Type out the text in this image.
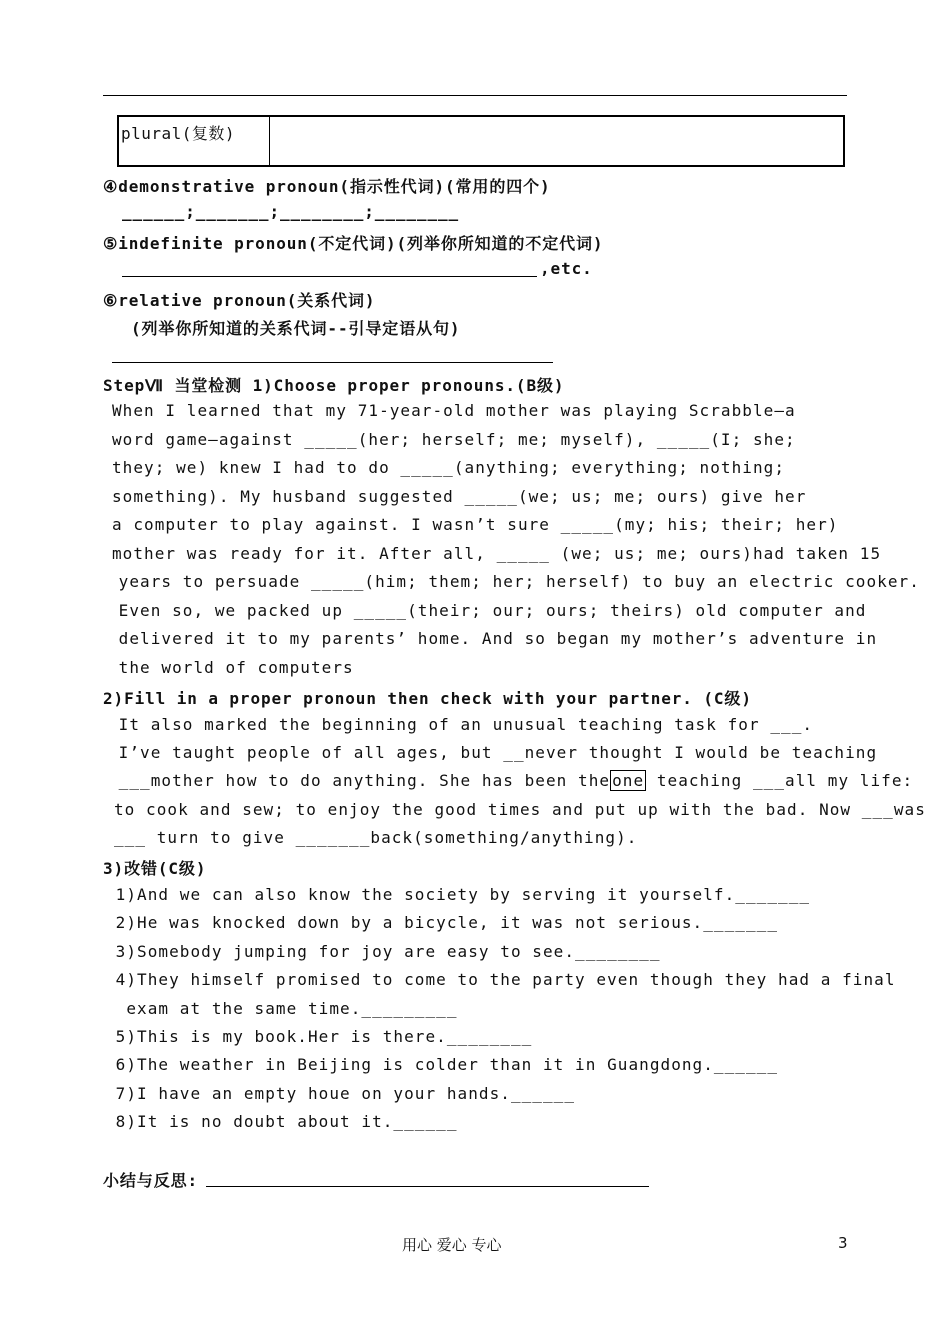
plural(复数)	
④demonstrative pronoun(指示性代词)(常用的四个)
______;_______;________;________
⑤indefinite pronoun(不定代词)(列举你所知道的不定代词)
,etc.
⑥relative pronoun(关系代词)
(列举你所知道的关系代词--引导定语从句)
StepⅦ 当堂检测 1)Choose proper pronouns.(B级)
When I learned that my 71-year-old mother was playing Scrabble—a
word game—against _____(her; herself; me; myself), _____(I; she;
they; we) knew I had to do _____(anything; everything; nothing;
something). My husband suggested _____(we; us; me; ours) give her
a computer to play against. I wasn’t sure _____(my; his; their; her)
mother was ready for it. After all, _____ (we; us; me; ours)had taken 15
years to persuade _____(him; them; her; herself) to buy an electric cooker.
Even so, we packed up _____(their; our; ours; theirs) old computer and
delivered it to my parents’ home. And so began my mother’s adventure in
the world of computers
2)Fill in a proper pronoun then check with your partner. (C级)
It also marked the beginning of an unusual teaching task for ___.
I’ve taught people of all ages, but __never thought I would be teaching
___mother how to do anything. She has been the one teaching ___all my life:
to cook and sew; to enjoy the good times and put up with the bad. Now ___was
___ turn to give _______back(something/anything).
3)改错(C级)
1)And we can also know the society by serving it yourself._______
2)He was knocked down by a bicycle, it was not serious._______
3)Somebody jumping for joy are easy to see.________
4)They himself promised to come to the party even though they had a final
exam at the same time._________
5)This is my book.Her is there.________
6)The weather in Beijing is colder than it in Guangdong.______
7)I have an empty houe on your hands.______
8)It is no doubt about it.______
小结与反思:
用心 爱心 专心	3
